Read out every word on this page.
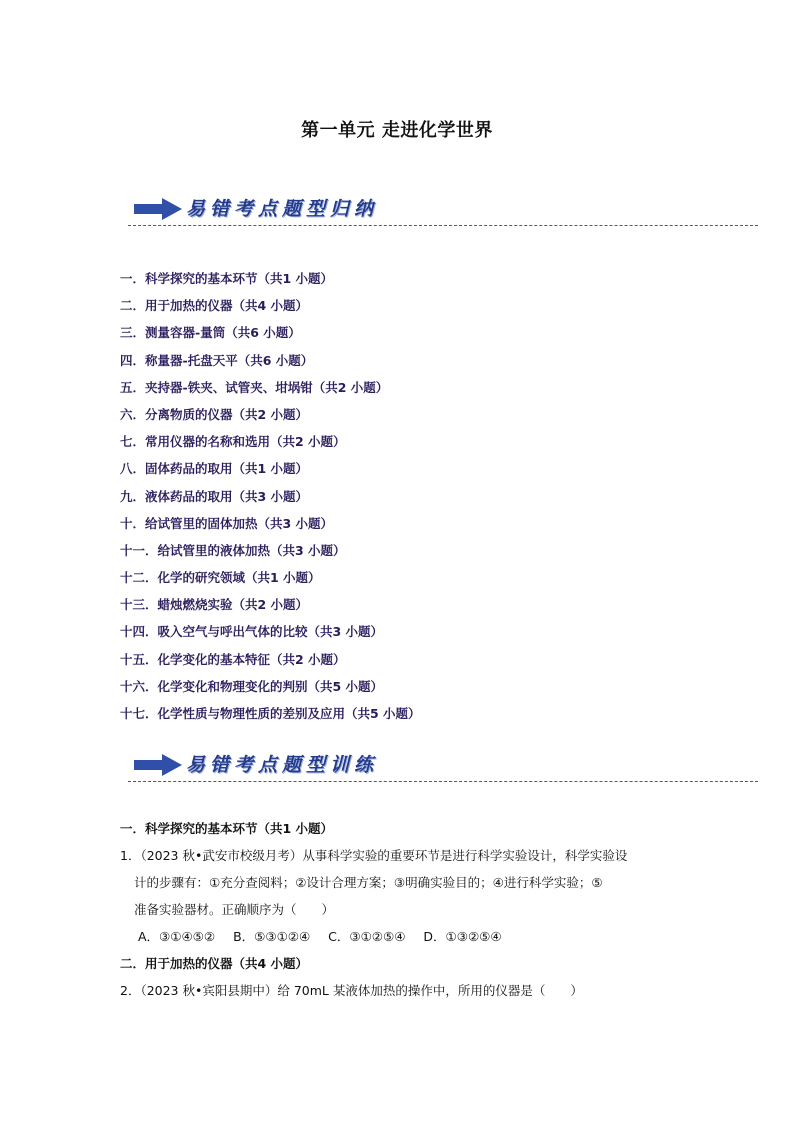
第一单元 走进化学世界
易错考点题型归纳
一．科学探究的基本环节（共1 小题）
二．用于加热的仪器（共4 小题）
三．测量容器-量筒（共6 小题）
四．称量器-托盘天平（共6 小题）
五．夹持器-铁夹、试管夹、坩埚钳（共2 小题）
六．分离物质的仪器（共2 小题）
七．常用仪器的名称和选用（共2 小题）
八．固体药品的取用（共1 小题）
九．液体药品的取用（共3 小题）
十．给试管里的固体加热（共3 小题）
十一．给试管里的液体加热（共3 小题）
十二．化学的研究领域（共1 小题）
十三．蜡烛燃烧实验（共2 小题）
十四．吸入空气与呼出气体的比较（共3 小题）
十五．化学变化的基本特征（共2 小题）
十六．化学变化和物理变化的判别（共5 小题）
十七．化学性质与物理性质的差别及应用（共5 小题）
易错考点题型训练
一．科学探究的基本环节（共1 小题）
1．（2023 秋•武安市校级月考）从事科学实验的重要环节是进行科学实验设计，科学实验设
计的步骤有：①充分查阅料；②设计合理方案；③明确实验目的；④进行科学实验；⑤
准备实验器材。正确顺序为（　　）
A．③①④⑤② B．⑤③①②④ C．③①②⑤④ D．①③②⑤④
二．用于加热的仪器（共4 小题）
2．（2023 秋•宾阳县期中）给 70mL 某液体加热的操作中，所用的仪器是（　　）
